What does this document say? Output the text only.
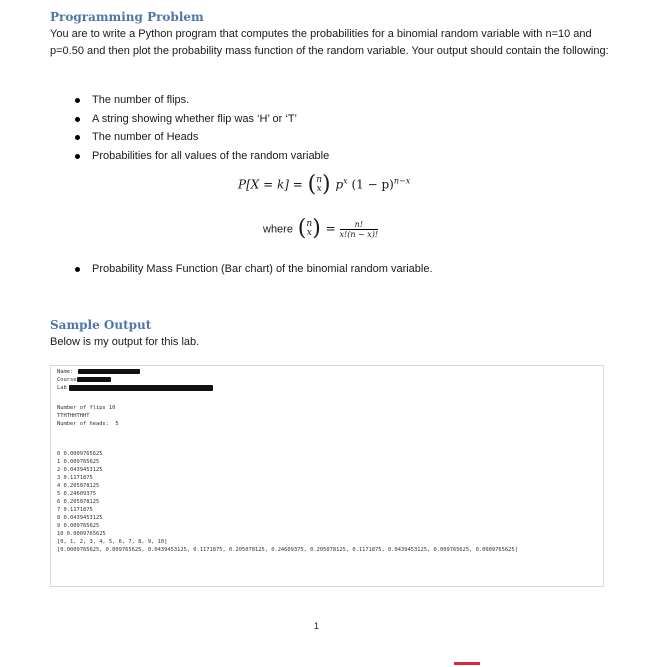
Programming Problem
You are to write a Python program that computes the probabilities for a binomial random variable with n=10 and p=0.50 and then plot the probability mass function of the random variable. Your output should contain the following:
The number of flips.
A string showing whether flip was ‘H’ or ‘T’
The number of Heads
Probabilities for all values of the random variable
P[X = k] = (n
x) $p^x$ $(1 - p)^{n-x}$
where (n
$x) = \frac{n!}{x!(n - x)!}$
Probability Mass Function (Bar chart) of the binomial random variable.
Sample Output
Below is my output for this lab.
Name:
Course
Lab
Number of flips 10
TTHTHHTHHT
Number of heads:  5
0 0.0009765625
1 0.009765625
2 0.0439453125
3 0.1171875
4 0.205078125
5 0.24609375
6 0.205078125
7 0.1171875
8 0.0439453125
9 0.009765625
10 0.0009765625
[0, 1, 2, 3, 4, 5, 6, 7, 8, 9, 10]
[0.0009765625, 0.009765625, 0.0439453125, 0.1171875, 0.205078125, 0.24609375, 0.205078125, 0.1171875, 0.0439453125, 0.009765625, 0.0009765625]
1
